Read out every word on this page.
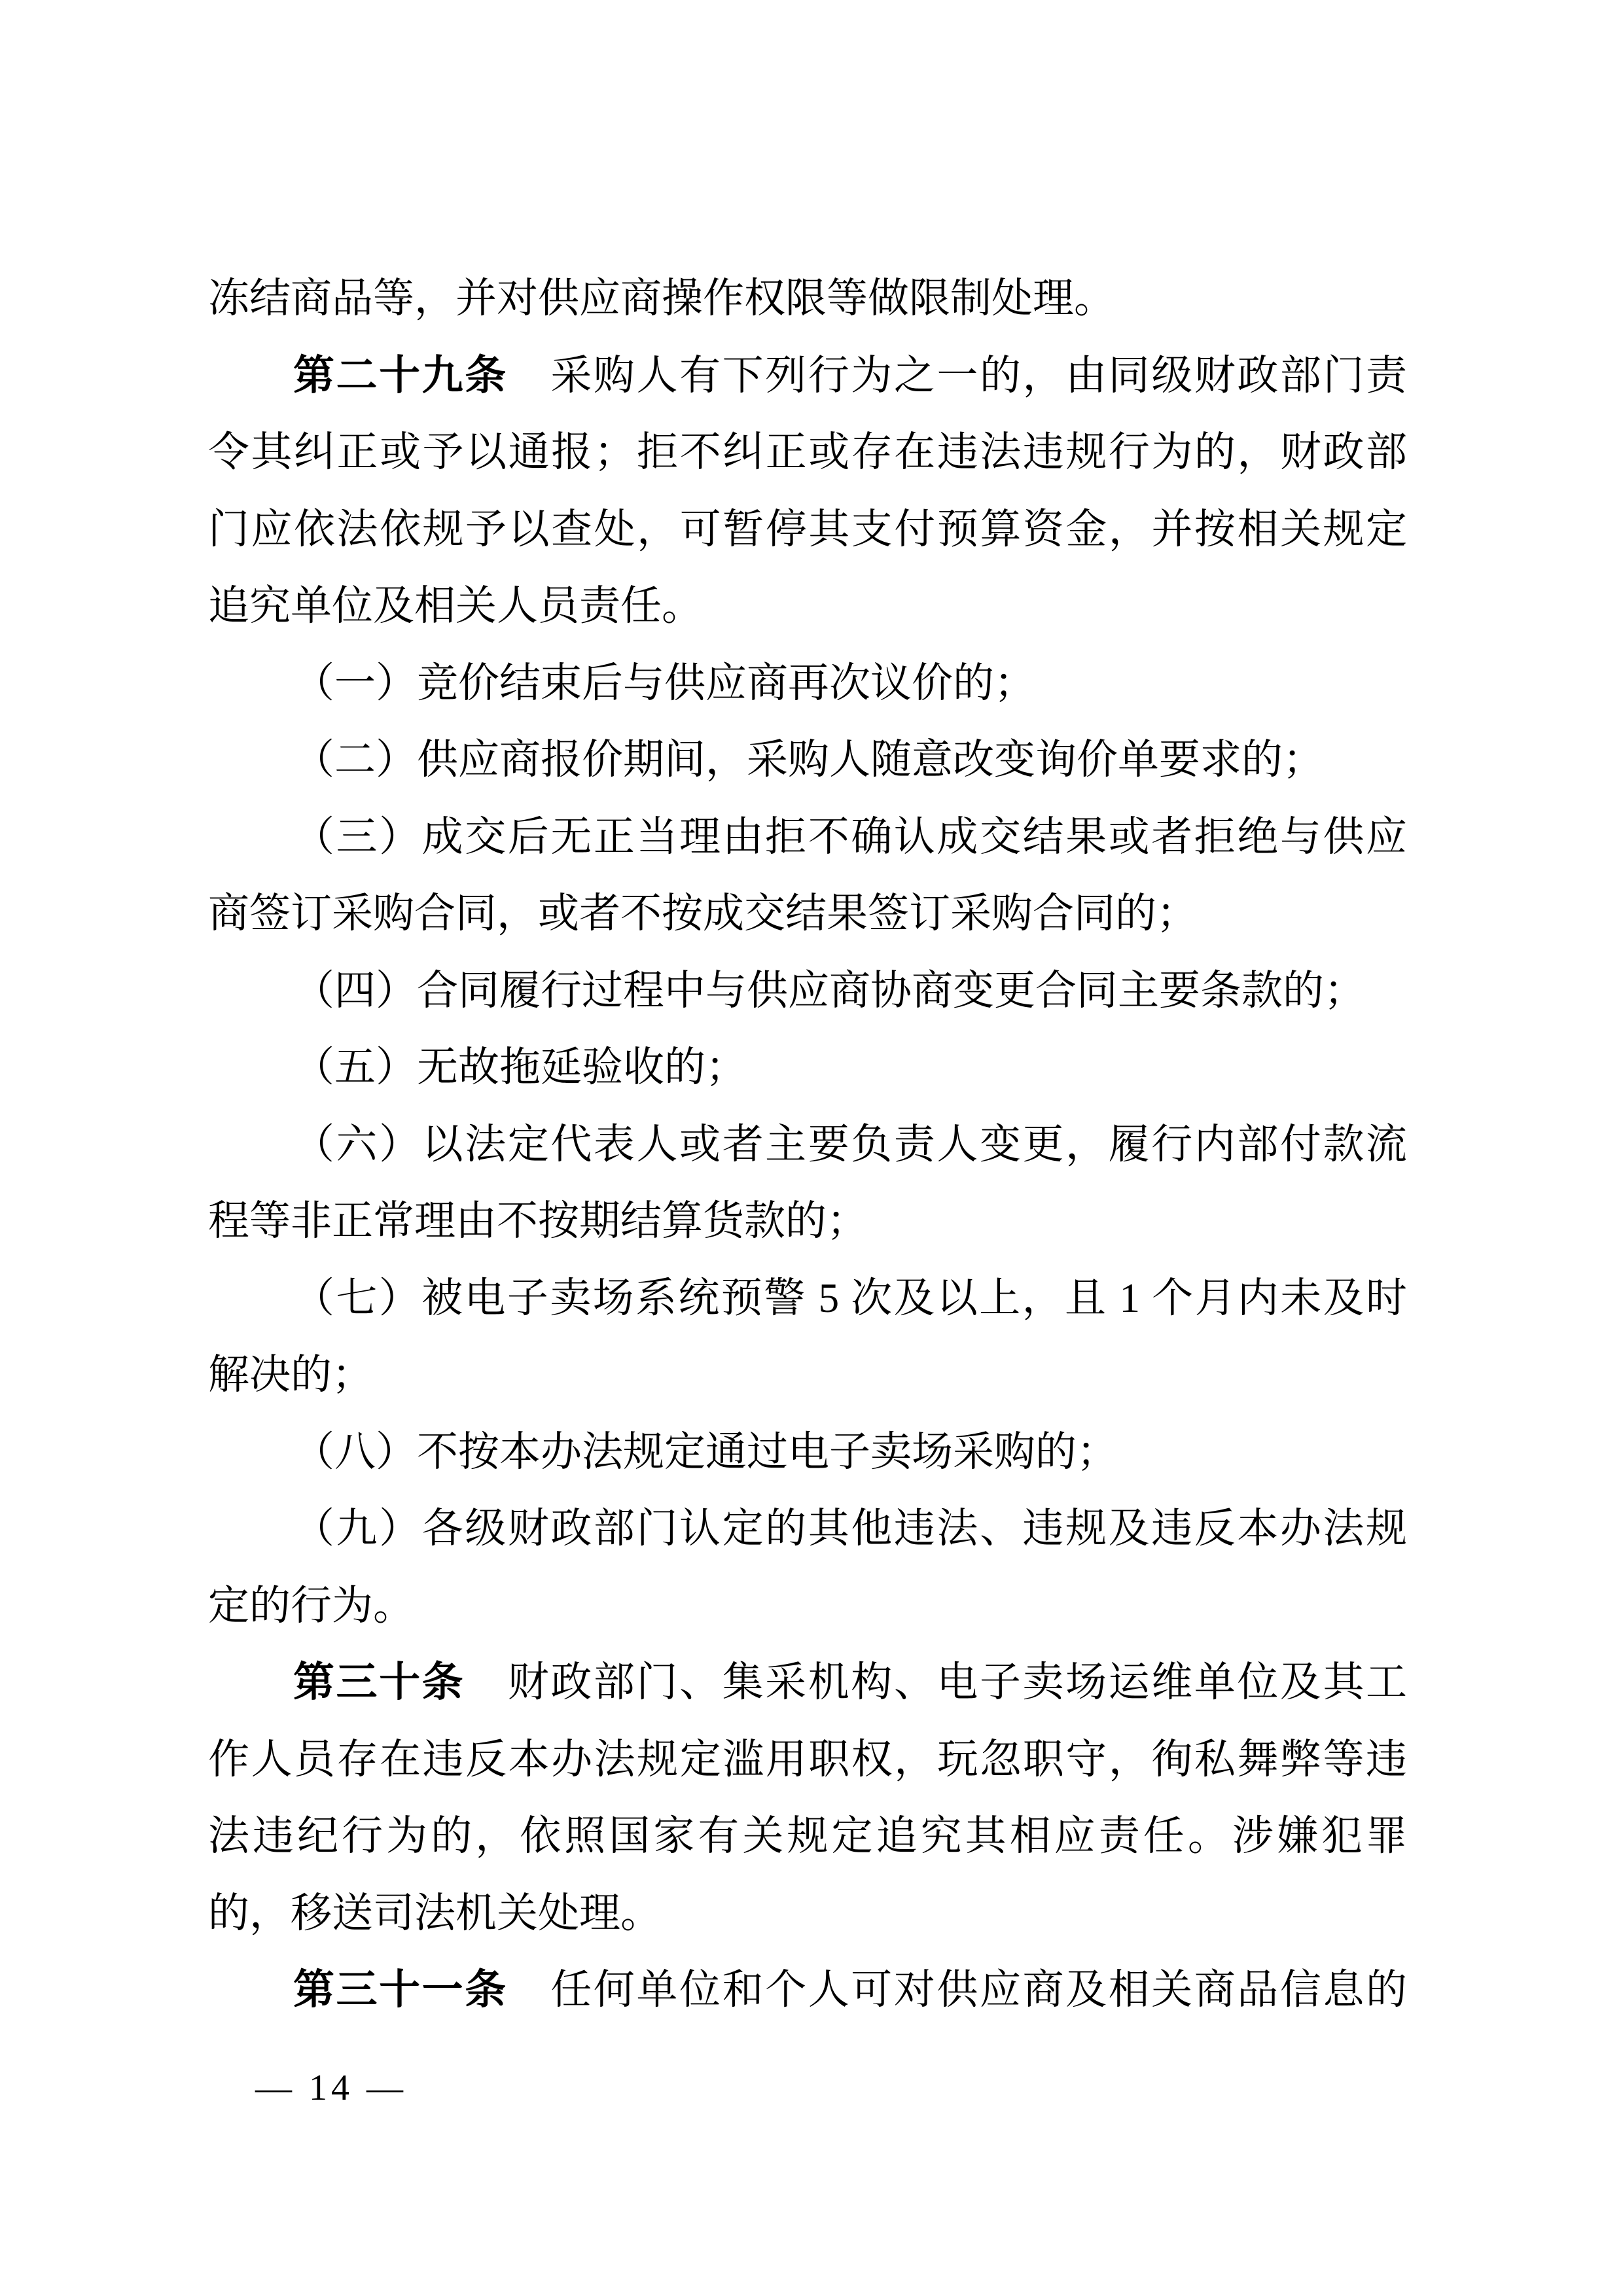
冻结商品等，并对供应商操作权限等做限制处理。
第二十九条　采购人有下列行为之一的，由同级财政部门责
令其纠正或予以通报；拒不纠正或存在违法违规行为的，财政部
门应依法依规予以查处，可暂停其支付预算资金，并按相关规定
追究单位及相关人员责任。
（一）竞价结束后与供应商再次议价的；
（二）供应商报价期间，采购人随意改变询价单要求的；
（三）成交后无正当理由拒不确认成交结果或者拒绝与供应
商签订采购合同，或者不按成交结果签订采购合同的；
（四）合同履行过程中与供应商协商变更合同主要条款的；
（五）无故拖延验收的；
（六）以法定代表人或者主要负责人变更，履行内部付款流
程等非正常理由不按期结算货款的；
（七）被电子卖场系统预警 5 次及以上，且 1 个月内未及时
解决的；
（八）不按本办法规定通过电子卖场采购的；
（九）各级财政部门认定的其他违法、违规及违反本办法规
定的行为。
第三十条　财政部门、集采机构、电子卖场运维单位及其工
作人员存在违反本办法规定滥用职权，玩忽职守，徇私舞弊等违
法违纪行为的，依照国家有关规定追究其相应责任。涉嫌犯罪
的，移送司法机关处理。
第三十一条　任何单位和个人可对供应商及相关商品信息的
— 14 —
